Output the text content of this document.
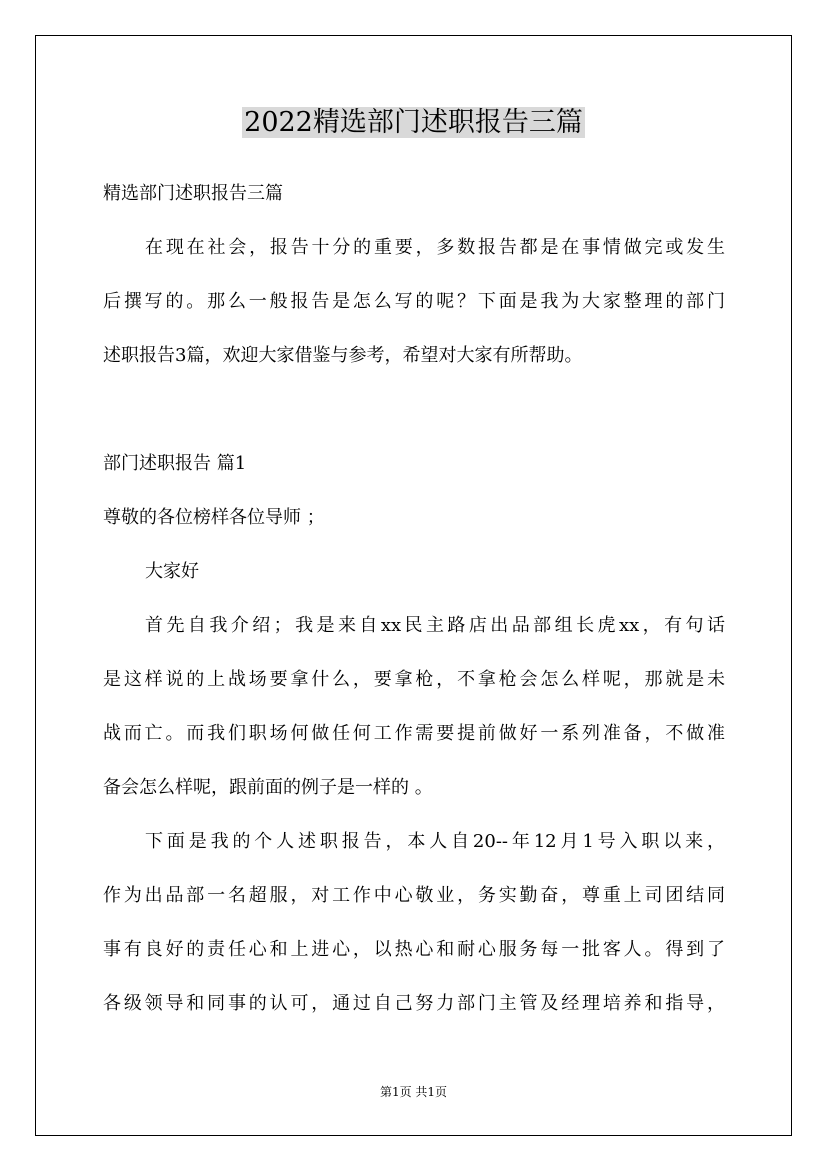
2022精选部门述职报告三篇
精选部门述职报告三篇
在现在社会，报告十分的重要，多数报告都是在事情做完或发生
后撰写的。那么一般报告是怎么写的呢？下面是我为大家整理的部门
述职报告3篇，欢迎大家借鉴与参考，希望对大家有所帮助。
部门述职报告 篇1
尊敬的各位榜样各位导师 ；
大家好
首先自我介绍；我是来自xx民主路店出品部组长虎xx，有句话
是这样说的上战场要拿什么，要拿枪，不拿枪会怎么样呢，那就是未
战而亡。而我们职场何做任何工作需要提前做好一系列准备，不做准
备会怎么样呢，跟前面的例子是一样的 。
下面是我的个人述职报告，本人自20--年12月1号入职以来，
作为出品部一名超服，对工作中心敬业，务实勤奋，尊重上司团结同
事有良好的责任心和上进心，以热心和耐心服务每一批客人。得到了
各级领导和同事的认可，通过自己努力部门主管及经理培养和指导，
第1页 共1页
